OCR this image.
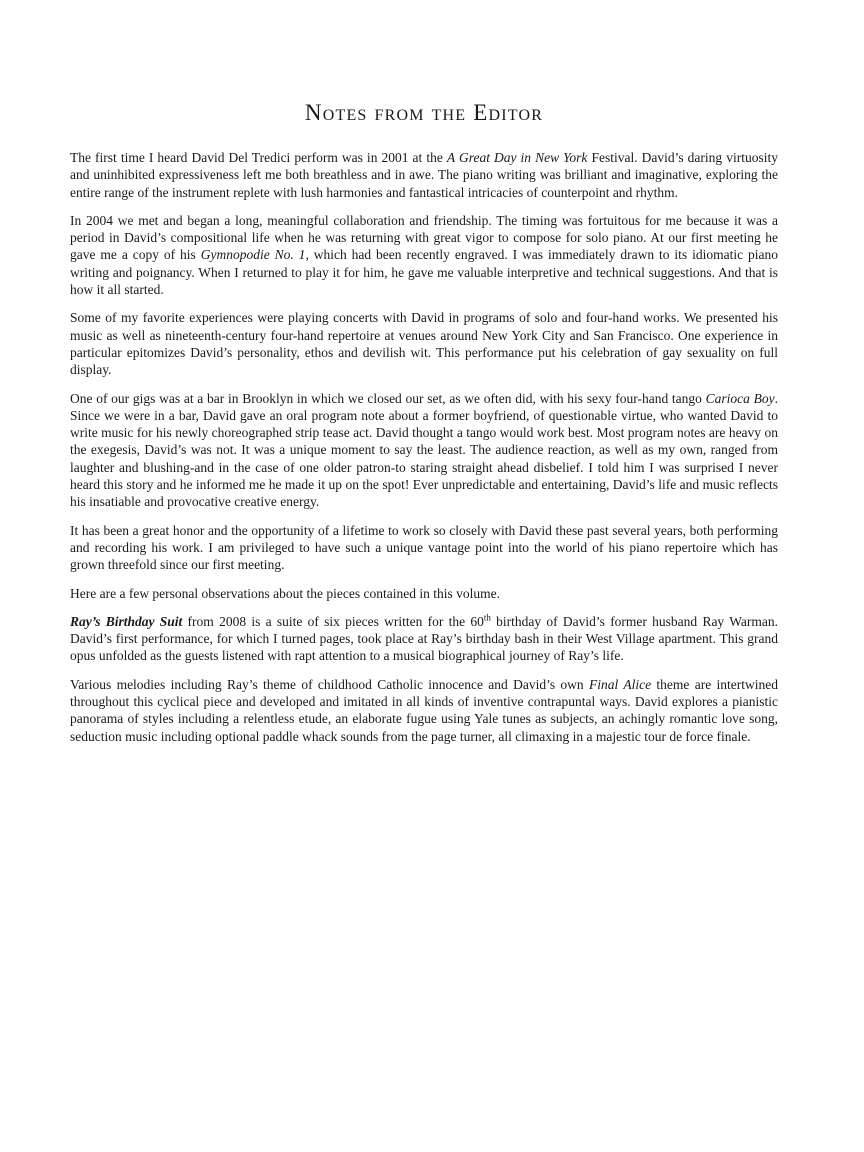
Notes from the Editor

The first time I heard David Del Tredici perform was in 2001 at the A Great Day in New York Festival. David’s daring virtuosity and uninhibited expressiveness left me both breathless and in awe. The piano writing was brilliant and imaginative, exploring the entire range of the instrument replete with lush harmonies and fantastical intricacies of counterpoint and rhythm.

In 2004 we met and began a long, meaningful collaboration and friendship. The timing was fortuitous for me because it was a period in David’s compositional life when he was returning with great vigor to compose for solo piano. At our first meeting he gave me a copy of his Gymnopodie No. 1, which had been recently engraved. I was immediately drawn to its idiomatic piano writing and poignancy. When I returned to play it for him, he gave me valuable interpretive and technical suggestions. And that is how it all started.

Some of my favorite experiences were playing concerts with David in programs of solo and four-hand works. We presented his music as well as nineteenth-century four-hand repertoire at venues around New York City and San Francisco. One experience in particular epitomizes David’s personality, ethos and devilish wit. This performance put his celebration of gay sexuality on full display.

One of our gigs was at a bar in Brooklyn in which we closed our set, as we often did, with his sexy four-hand tango Carioca Boy. Since we were in a bar, David gave an oral program note about a former boyfriend, of questionable virtue, who wanted David to write music for his newly choreographed strip tease act. David thought a tango would work best. Most program notes are heavy on the exegesis, David’s was not. It was a unique moment to say the least. The audience reaction, as well as my own, ranged from laughter and blushing-and in the case of one older patron-to staring straight ahead disbelief. I told him I was surprised I never heard this story and he informed me he made it up on the spot! Ever unpredictable and entertaining, David’s life and music reflects his insatiable and provocative creative energy.

It has been a great honor and the opportunity of a lifetime to work so closely with David these past several years, both performing and recording his work. I am privileged to have such a unique vantage point into the world of his piano repertoire which has grown threefold since our first meeting.

Here are a few personal observations about the pieces contained in this volume.

Ray’s Birthday Suit from 2008 is a suite of six pieces written for the 60th birthday of David’s former husband Ray Warman. David’s first performance, for which I turned pages, took place at Ray’s birthday bash in their West Village apartment. This grand opus unfolded as the guests listened with rapt attention to a musical biographical journey of Ray’s life.

Various melodies including Ray’s theme of childhood Catholic innocence and David’s own Final Alice theme are intertwined throughout this cyclical piece and developed and imitated in all kinds of inventive contrapuntal ways. David explores a pianistic panorama of styles including a relentless etude, an elaborate fugue using Yale tunes as subjects, an achingly romantic love song, seduction music including optional paddle whack sounds from the page turner, all climaxing in a majestic tour de force finale.
